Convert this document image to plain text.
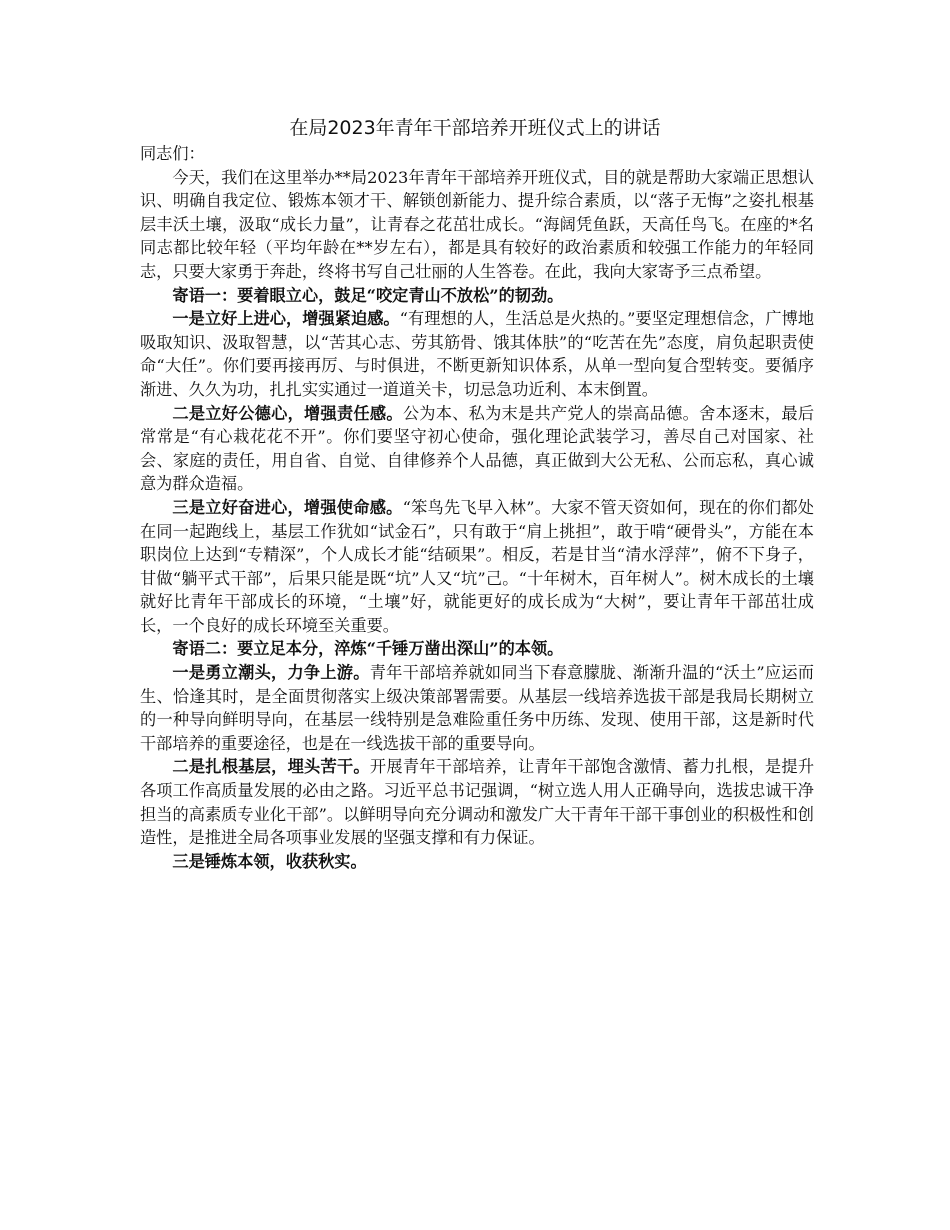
在局2023年青年干部培养开班仪式上的讲话

同志们：

今天，我们在这里举办**局2023年青年干部培养开班仪式，目的就是帮助大家端正思想认识、明确自我定位、锻炼本领才干、解锁创新能力、提升综合素质，以“落子无悔”之姿扎根基层丰沃土壤，汲取“成长力量”，让青春之花茁壮成长。“海阔凭鱼跃，天高任鸟飞。在座的*名同志都比较年轻（平均年龄在**岁左右），都是具有较好的政治素质和较强工作能力的年轻同志，只要大家勇于奔赴，终将书写自己壮丽的人生答卷。在此，我向大家寄予三点希望。

寄语一：要着眼立心，鼓足“咬定青山不放松”的韧劲。

一是立好上进心，增强紧迫感。“有理想的人，生活总是火热的。”要坚定理想信念，广博地吸取知识、汲取智慧，以“苦其心志、劳其筋骨、饿其体肤”的“吃苦在先”态度，肩负起职责使命“大任”。你们要再接再厉、与时俱进，不断更新知识体系，从单一型向复合型转变。要循序渐进、久久为功，扎扎实实通过一道道关卡，切忌急功近利、本末倒置。

二是立好公德心，增强责任感。公为本、私为末是共产党人的崇高品德。舍本逐末，最后常常是“有心栽花花不开”。你们要坚守初心使命，强化理论武装学习，善尽自己对国家、社会、家庭的责任，用自省、自觉、自律修养个人品德，真正做到大公无私、公而忘私，真心诚意为群众造福。

三是立好奋进心，增强使命感。“笨鸟先飞早入林”。大家不管天资如何，现在的你们都处在同一起跑线上，基层工作犹如“试金石”，只有敢于“肩上挑担”，敢于啃“硬骨头”，方能在本职岗位上达到“专精深”，个人成长才能“结硕果”。相反，若是甘当“清水浮萍”，俯不下身子，甘做“躺平式干部”，后果只能是既“坑”人又“坑”己。“十年树木，百年树人”。树木成长的土壤就好比青年干部成长的环境，“土壤”好，就能更好的成长成为“大树”，要让青年干部茁壮成长，一个良好的成长环境至关重要。

寄语二：要立足本分，淬炼“千锤万凿出深山”的本领。

一是勇立潮头，力争上游。青年干部培养就如同当下春意朦胧、渐渐升温的“沃土”应运而生、恰逢其时，是全面贯彻落实上级决策部署需要。从基层一线培养选拔干部是我局长期树立的一种导向鲜明导向，在基层一线特别是急难险重任务中历练、发现、使用干部，这是新时代干部培养的重要途径，也是在一线选拔干部的重要导向。

二是扎根基层，埋头苦干。开展青年干部培养，让青年干部饱含激情、蓄力扎根，是提升各项工作高质量发展的必由之路。习近平总书记强调，“树立选人用人正确导向，选拔忠诚干净担当的高素质专业化干部”。以鲜明导向充分调动和激发广大干青年干部干事创业的积极性和创造性，是推进全局各项事业发展的坚强支撑和有力保证。

三是锤炼本领，收获秋实。
